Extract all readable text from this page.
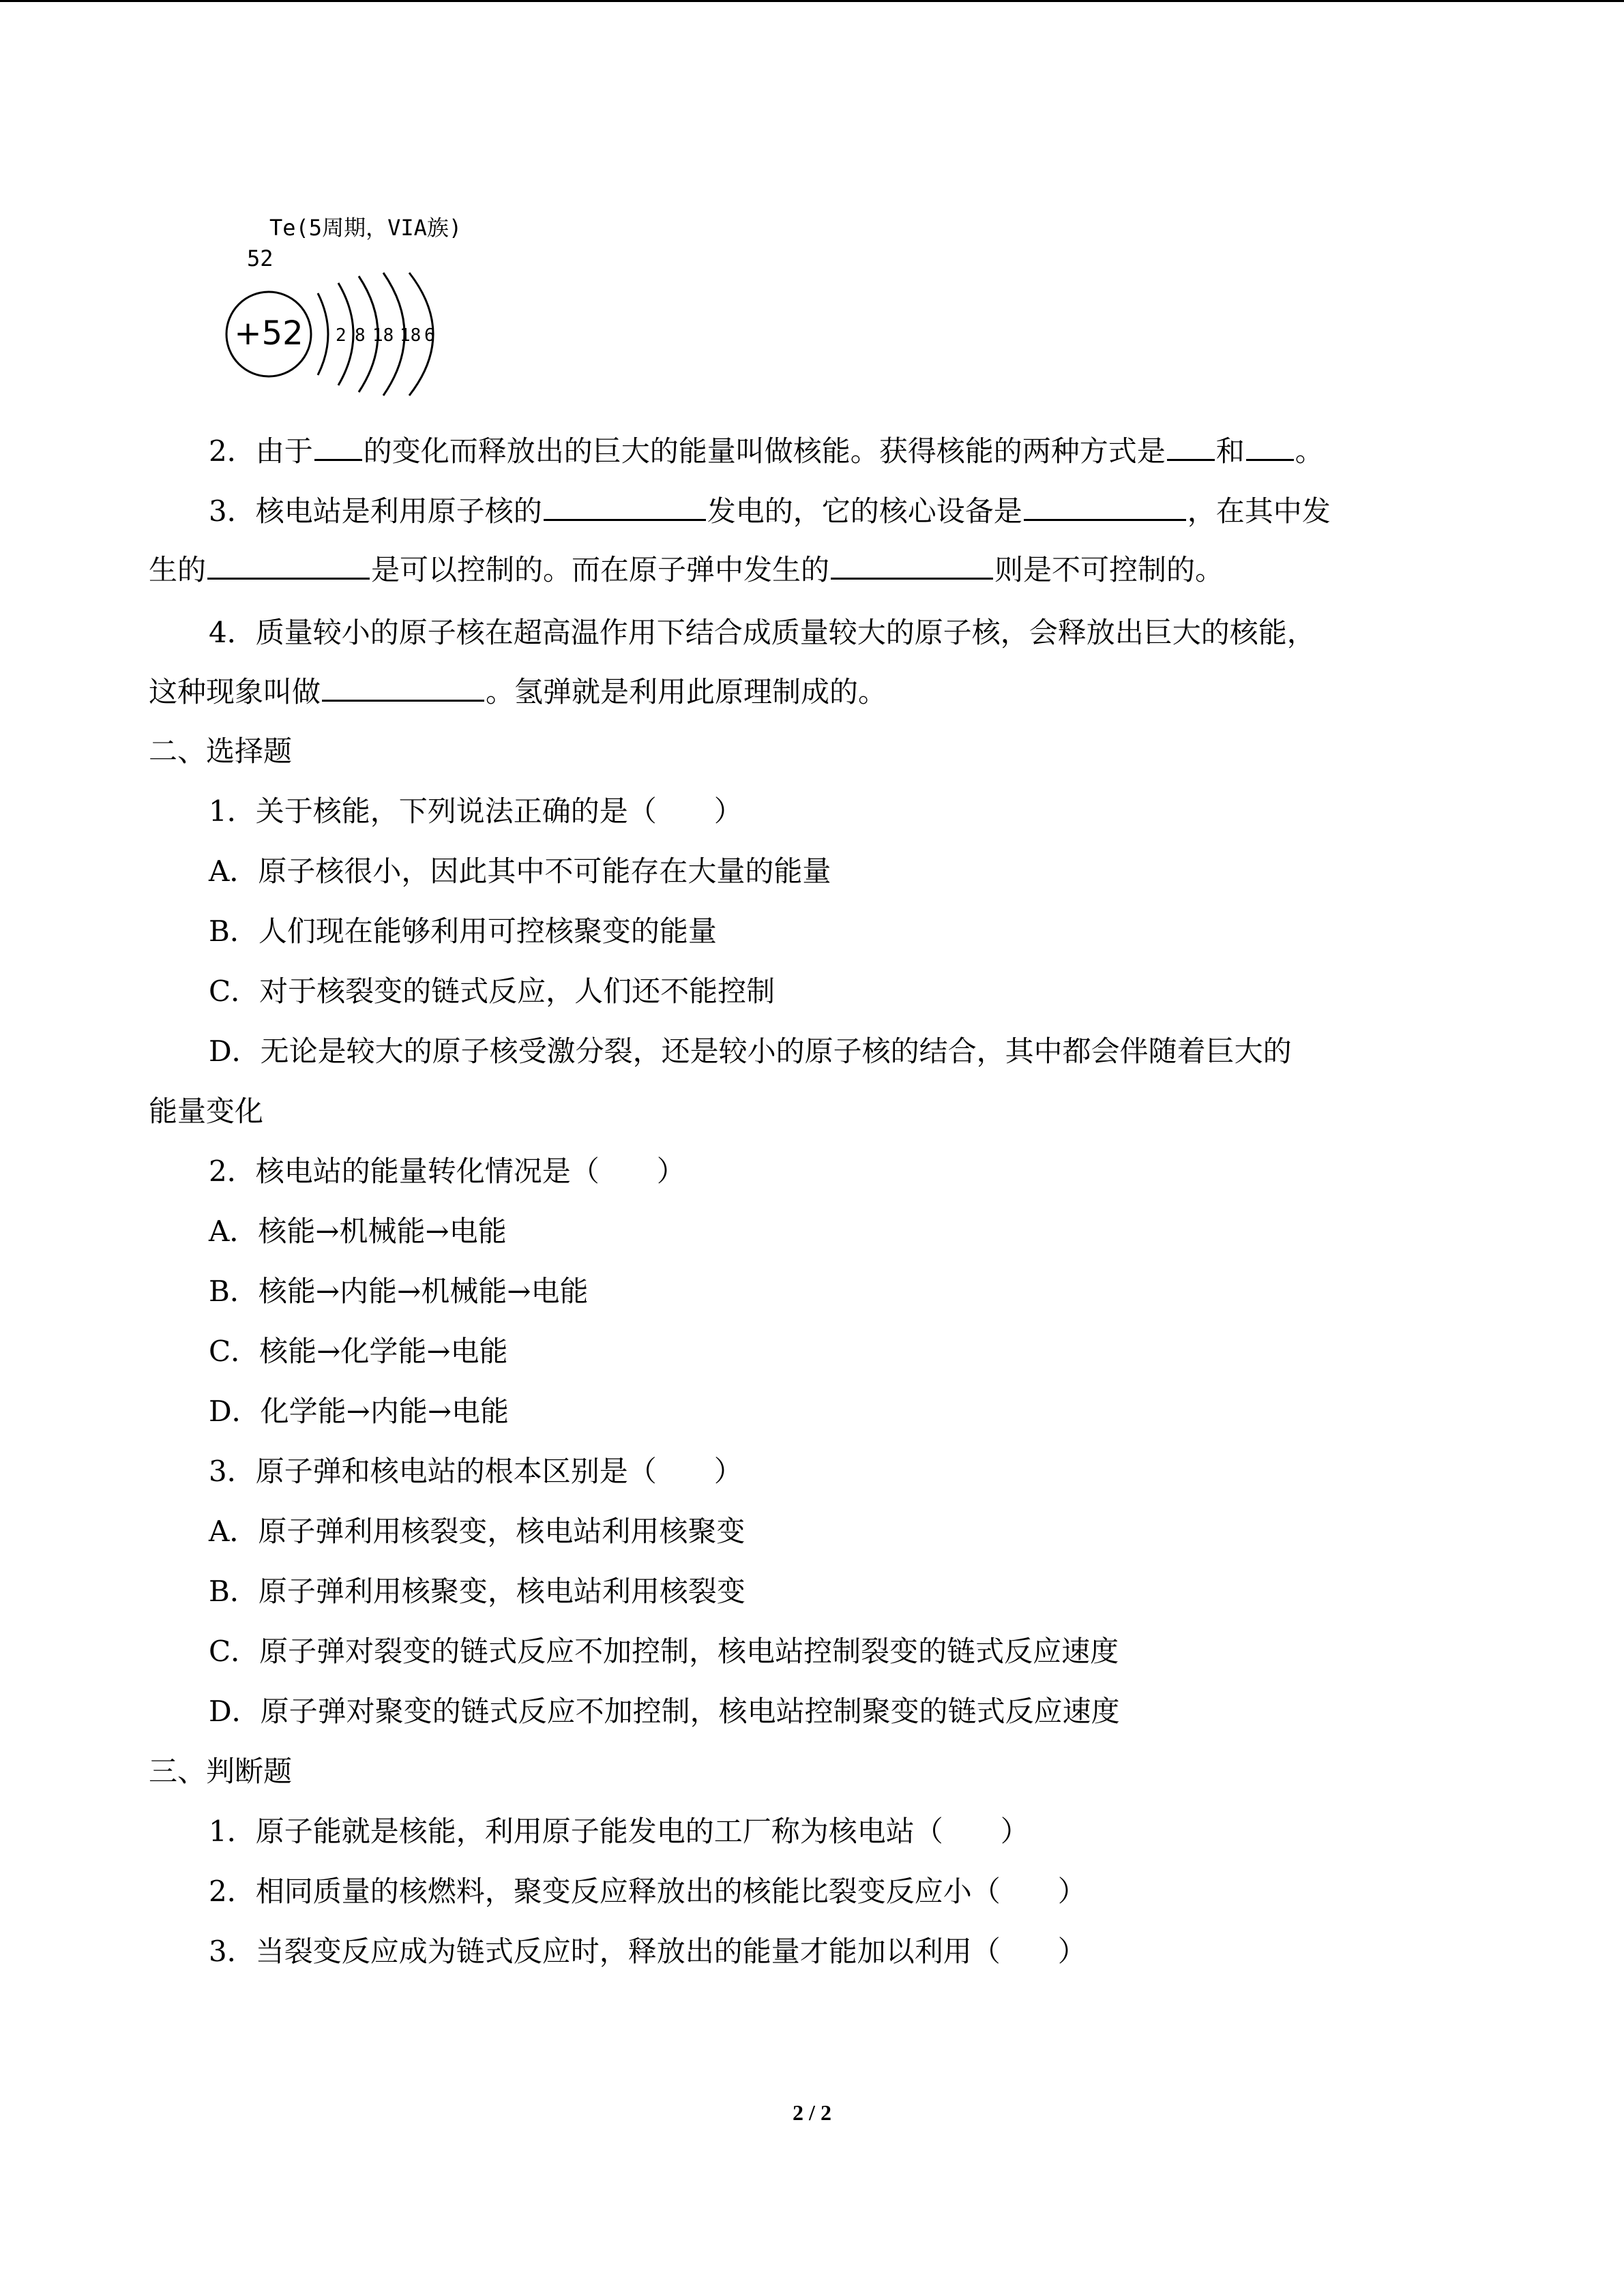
Te(5周期，VIA族)
52
+52 2 8 18 18 6
2．由于 的变化而释放出的巨大的能量叫做核能。获得核能的两种方式是 和 。
3．核电站是利用原子核的	发电的，它的核心设备是	，在其中发
生的	是可以控制的。而在原子弹中发生的	则是不可控制的。
4．质量较小的原子核在超高温作用下结合成质量较大的原子核，会释放出巨大的核能，
这种现象叫做	。氢弹就是利用此原理制成的。
二、选择题
1．关于核能，下列说法正确的是（　　）
A．原子核很小，因此其中不可能存在大量的能量
B．人们现在能够利用可控核聚变的能量
C．对于核裂变的链式反应，人们还不能控制
D．无论是较大的原子核受激分裂，还是较小的原子核的结合，其中都会伴随着巨大的
能量变化
2．核电站的能量转化情况是（　　）
A．核能→机械能→电能
B．核能→内能→机械能→电能
C．核能→化学能→电能
D．化学能→内能→电能
3．原子弹和核电站的根本区别是（　　）
A．原子弹利用核裂变，核电站利用核聚变
B．原子弹利用核聚变，核电站利用核裂变
C．原子弹对裂变的链式反应不加控制，核电站控制裂变的链式反应速度
D．原子弹对聚变的链式反应不加控制，核电站控制聚变的链式反应速度
三、判断题
1．原子能就是核能，利用原子能发电的工厂称为核电站（　　）
2．相同质量的核燃料，聚变反应释放出的核能比裂变反应小（　　）
3．当裂变反应成为链式反应时，释放出的能量才能加以利用（　　）
2 / 2
